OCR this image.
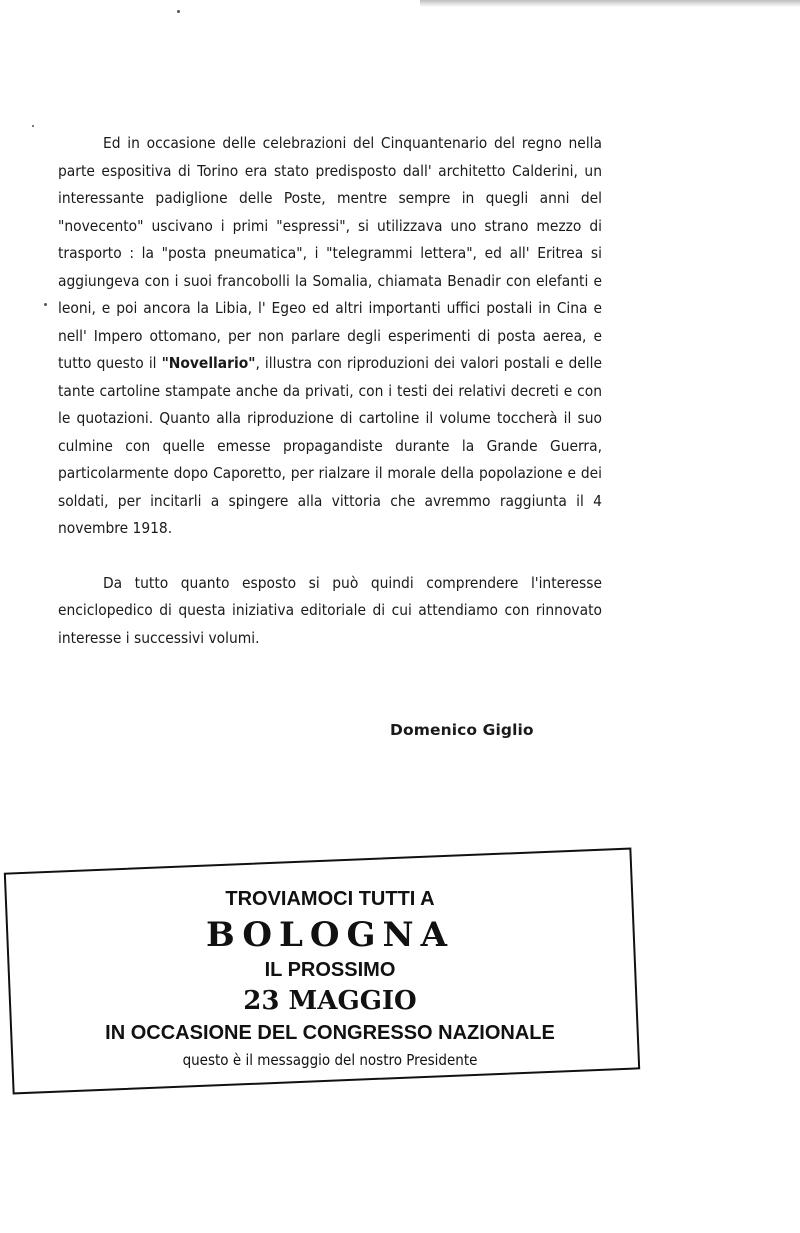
Ed in occasione delle celebrazioni del Cinquantenario del regno nella parte espositiva di Torino era stato predisposto dall' architetto Calderini, un interessante padiglione delle Poste, mentre sempre in quegli anni del "novecento" uscivano i primi "espressi", si utilizzava uno strano mezzo di trasporto : la "posta pneumatica", i "telegrammi lettera", ed all' Eritrea si aggiungeva con i suoi francobolli la Somalia, chiamata Benadir con elefanti e leoni, e poi ancora la Libia, l' Egeo ed altri importanti uffici postali in Cina e nell' Impero ottomano, per non parlare degli esperimenti di posta aerea, e tutto questo il "Novellario", illustra con riproduzioni dei valori postali e delle tante cartoline stampate anche da privati, con i testi dei relativi decreti e con le quotazioni. Quanto alla riproduzione di cartoline il volume toccherà il suo culmine con quelle emesse propagandiste durante la Grande Guerra, particolarmente dopo Caporetto, per rialzare il morale della popolazione e dei soldati, per incitarli a spingere alla vittoria che avremmo raggiunta il 4 novembre 1918.

Da tutto quanto esposto si può quindi comprendere l'interesse enciclopedico di questa iniziativa editoriale di cui attendiamo con rinnovato interesse i successivi volumi.

Domenico Giglio
TROVIAMOCI TUTTI A
BOLOGNA
IL PROSSIMO
23 MAGGIO
IN OCCASIONE DEL CONGRESSO NAZIONALE
questo è il messaggio del nostro Presidente
